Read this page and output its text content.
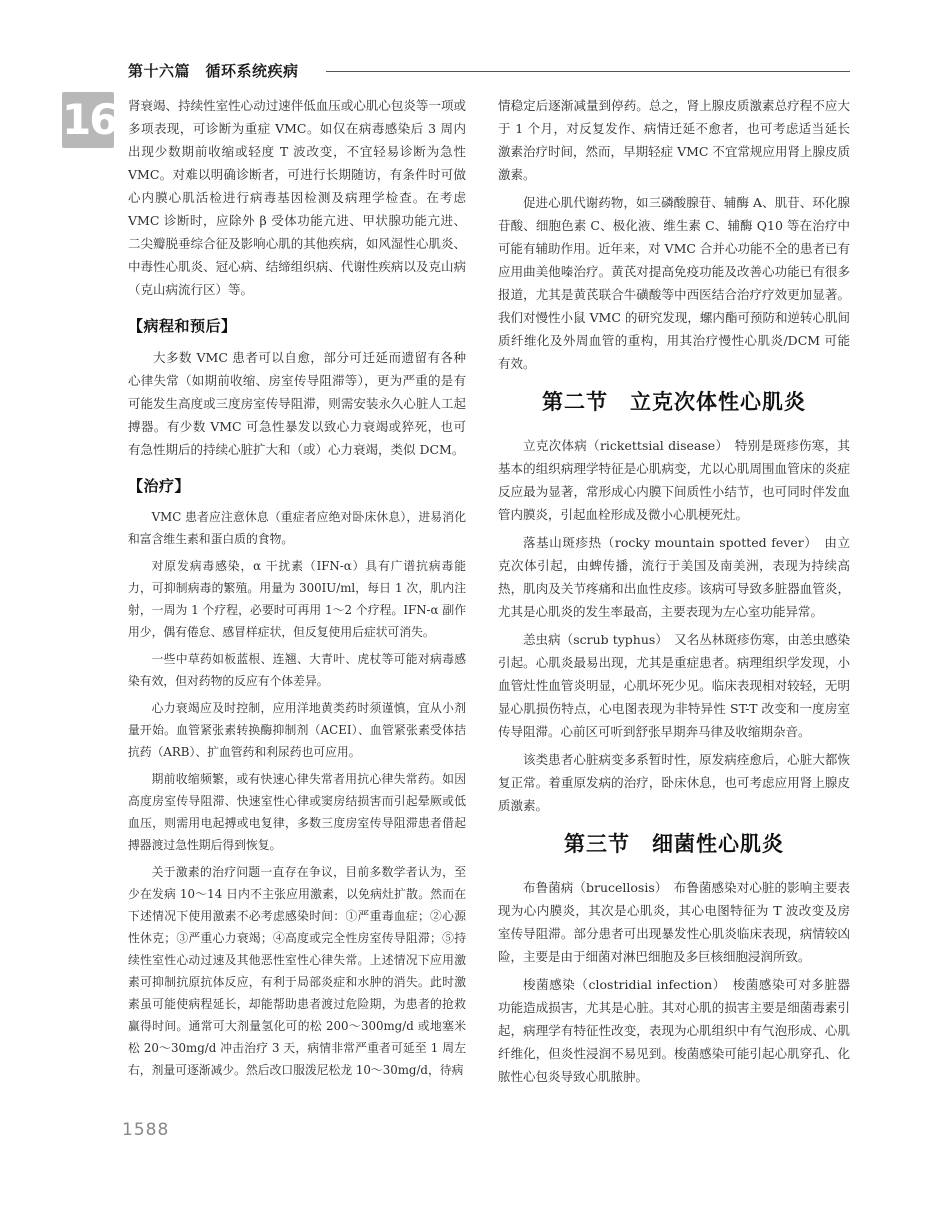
第十六篇　循环系统疾病
16 肾衰竭、持续性室性心动过速伴低血压或心肌心包炎等一项或多项表现，可诊断为重症 VMC。如仅在病毒感染后 3 周内出现少数期前收缩或轻度 T 波改变，不宜轻易诊断为急性 VMC。对难以明确诊断者，可进行长期随访，有条件时可做心内膜心肌活检进行病毒基因检测及病理学检查。在考虑 VMC 诊断时，应除外 β 受体功能亢进、甲状腺功能亢进、二尖瓣脱垂综合征及影响心肌的其他疾病，如风湿性心肌炎、中毒性心肌炎、冠心病、结缔组织病、代谢性疾病以及克山病（克山病流行区）等。

【病程和预后】

大多数 VMC 患者可以自愈，部分可迁延而遗留有各种心律失常（如期前收缩、房室传导阻滞等），更为严重的是有可能发生高度或三度房室传导阻滞，则需安装永久心脏人工起搏器。有少数 VMC 可急性暴发以致心力衰竭或猝死，也可有急性期后的持续心脏扩大和（或）心力衰竭，类似 DCM。

【治疗】

VMC 患者应注意休息（重症者应绝对卧床休息），进易消化和富含维生素和蛋白质的食物。

对原发病毒感染，α 干扰素（IFN-α）具有广谱抗病毒能力，可抑制病毒的繁殖。用量为 300IU/ml，每日 1 次，肌内注射，一周为 1 个疗程，必要时可再用 1～2 个疗程。IFN-α 副作用少，偶有倦怠、感冒样症状，但反复使用后症状可消失。

一些中草药如板蓝根、连翘、大青叶、虎杖等可能对病毒感染有效，但对药物的反应有个体差异。

心力衰竭应及时控制，应用洋地黄类药时须谨慎，宜从小剂量开始。血管紧张素转换酶抑制剂（ACEI）、血管紧张素受体拮抗药（ARB）、扩血管药和利尿药也可应用。

期前收缩频繁，或有快速心律失常者用抗心律失常药。如因高度房室传导阻滞、快速室性心律或窦房结损害而引起晕厥或低血压，则需用电起搏或电复律，多数三度房室传导阻滞患者借起搏器渡过急性期后得到恢复。

关于激素的治疗问题一直存在争议，目前多数学者认为，至少在发病 10～14 日内不主张应用激素，以免病灶扩散。然而在下述情况下使用激素不必考虑感染时间：①严重毒血症；②心源性休克；③严重心力衰竭；④高度或完全性房室传导阻滞；⑤持续性室性心动过速及其他恶性室性心律失常。上述情况下应用激素可抑制抗原抗体反应，有利于局部炎症和水肿的消失。此时激素虽可能使病程延长，却能帮助患者渡过危险期，为患者的抢救赢得时间。通常可大剂量氢化可的松 200～300mg/d 或地塞米松 20～30mg/d 冲击治疗 3 天，病情非常严重者可延至 1 周左右，剂量可逐渐减少。然后改口服泼尼松龙 10～30mg/d，待病

情稳定后逐渐减量到停药。总之，肾上腺皮质激素总疗程不应大于 1 个月，对反复发作、病情迁延不愈者，也可考虑适当延长激素治疗时间，然而，早期轻症 VMC 不宜常规应用肾上腺皮质激素。

促进心肌代谢药物，如三磷酸腺苷、辅酶 A、肌苷、环化腺苷酸、细胞色素 C、极化液、维生素 C、辅酶 Q10 等在治疗中可能有辅助作用。近年来，对 VMC 合并心功能不全的患者已有应用曲美他嗪治疗。黄芪对提高免疫功能及改善心功能已有很多报道，尤其是黄芪联合牛磺酸等中西医结合治疗疗效更加显著。我们对慢性小鼠 VMC 的研究发现，螺内酯可预防和逆转心肌间质纤维化及外周血管的重构，用其治疗慢性心肌炎/DCM 可能有效。

第二节 立克次体性心肌炎

立克次体病（rickettsial disease）　特别是斑疹伤寒，其基本的组织病理学特征是心肌病变，尤以心肌周围血管床的炎症反应最为显著，常形成心内膜下间质性小结节，也可同时伴发血管内膜炎，引起血栓形成及微小心肌梗死灶。

落基山斑疹热（rocky mountain spotted fever）　由立克次体引起，由蜱传播，流行于美国及南美洲，表现为持续高热，肌肉及关节疼痛和出血性皮疹。该病可导致多脏器血管炎，尤其是心肌炎的发生率最高，主要表现为左心室功能异常。

恙虫病（scrub typhus）　又名丛林斑疹伤寒，由恙虫感染引起。心肌炎最易出现，尤其是重症患者。病理组织学发现，小血管灶性血管炎明显，心肌坏死少见。临床表现相对较轻，无明显心肌损伤特点，心电图表现为非特异性 ST-T 改变和一度房室传导阻滞。心前区可听到舒张早期奔马律及收缩期杂音。

该类患者心脏病变多系暂时性，原发病痊愈后，心脏大都恢复正常。着重原发病的治疗，卧床休息，也可考虑应用肾上腺皮质激素。

第三节 细菌性心肌炎

布鲁菌病（brucellosis）　布鲁菌感染对心脏的影响主要表现为心内膜炎，其次是心肌炎，其心电图特征为 T 波改变及房室传导阻滞。部分患者可出现暴发性心肌炎临床表现，病情较凶险，主要是由于细菌对淋巴细胞及多巨核细胞浸润所致。

梭菌感染（clostridial infection）　梭菌感染可对多脏器功能造成损害，尤其是心脏。其对心肌的损害主要是细菌毒素引起，病理学有特征性改变，表现为心肌组织中有气泡形成、心肌纤维化，但炎性浸润不易见到。梭菌感染可能引起心肌穿孔、化脓性心包炎导致心肌脓肿。

1588
